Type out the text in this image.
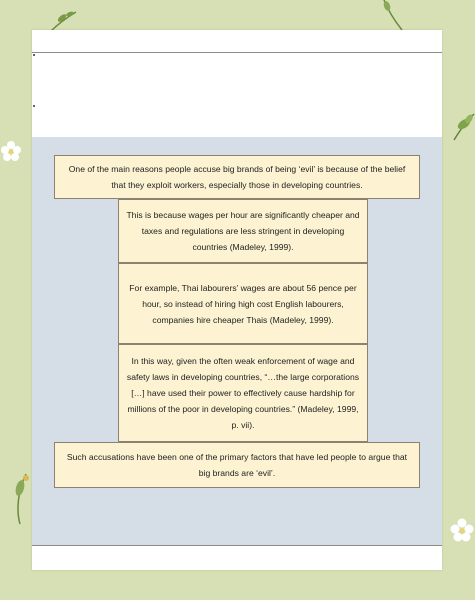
One of the main reasons people accuse big brands of being ‘evil’ is because of the belief that they exploit workers, especially those in developing countries.
This is because wages per hour are significantly cheaper and taxes and regulations are less stringent in developing countries (Madeley, 1999).
For example, Thai labourers’ wages are about 56 pence per hour, so instead of hiring high cost English labourers, companies hire cheaper Thais (Madeley, 1999).
In this way, given the often weak enforcement of wage and safety laws in developing countries, “…the large corporations […] have used their power to effectively cause hardship for millions of the poor in developing countries.” (Madeley, 1999, p. vii).
Such accusations have been one of the primary factors that have led people to argue that big brands are ‘evil’.
